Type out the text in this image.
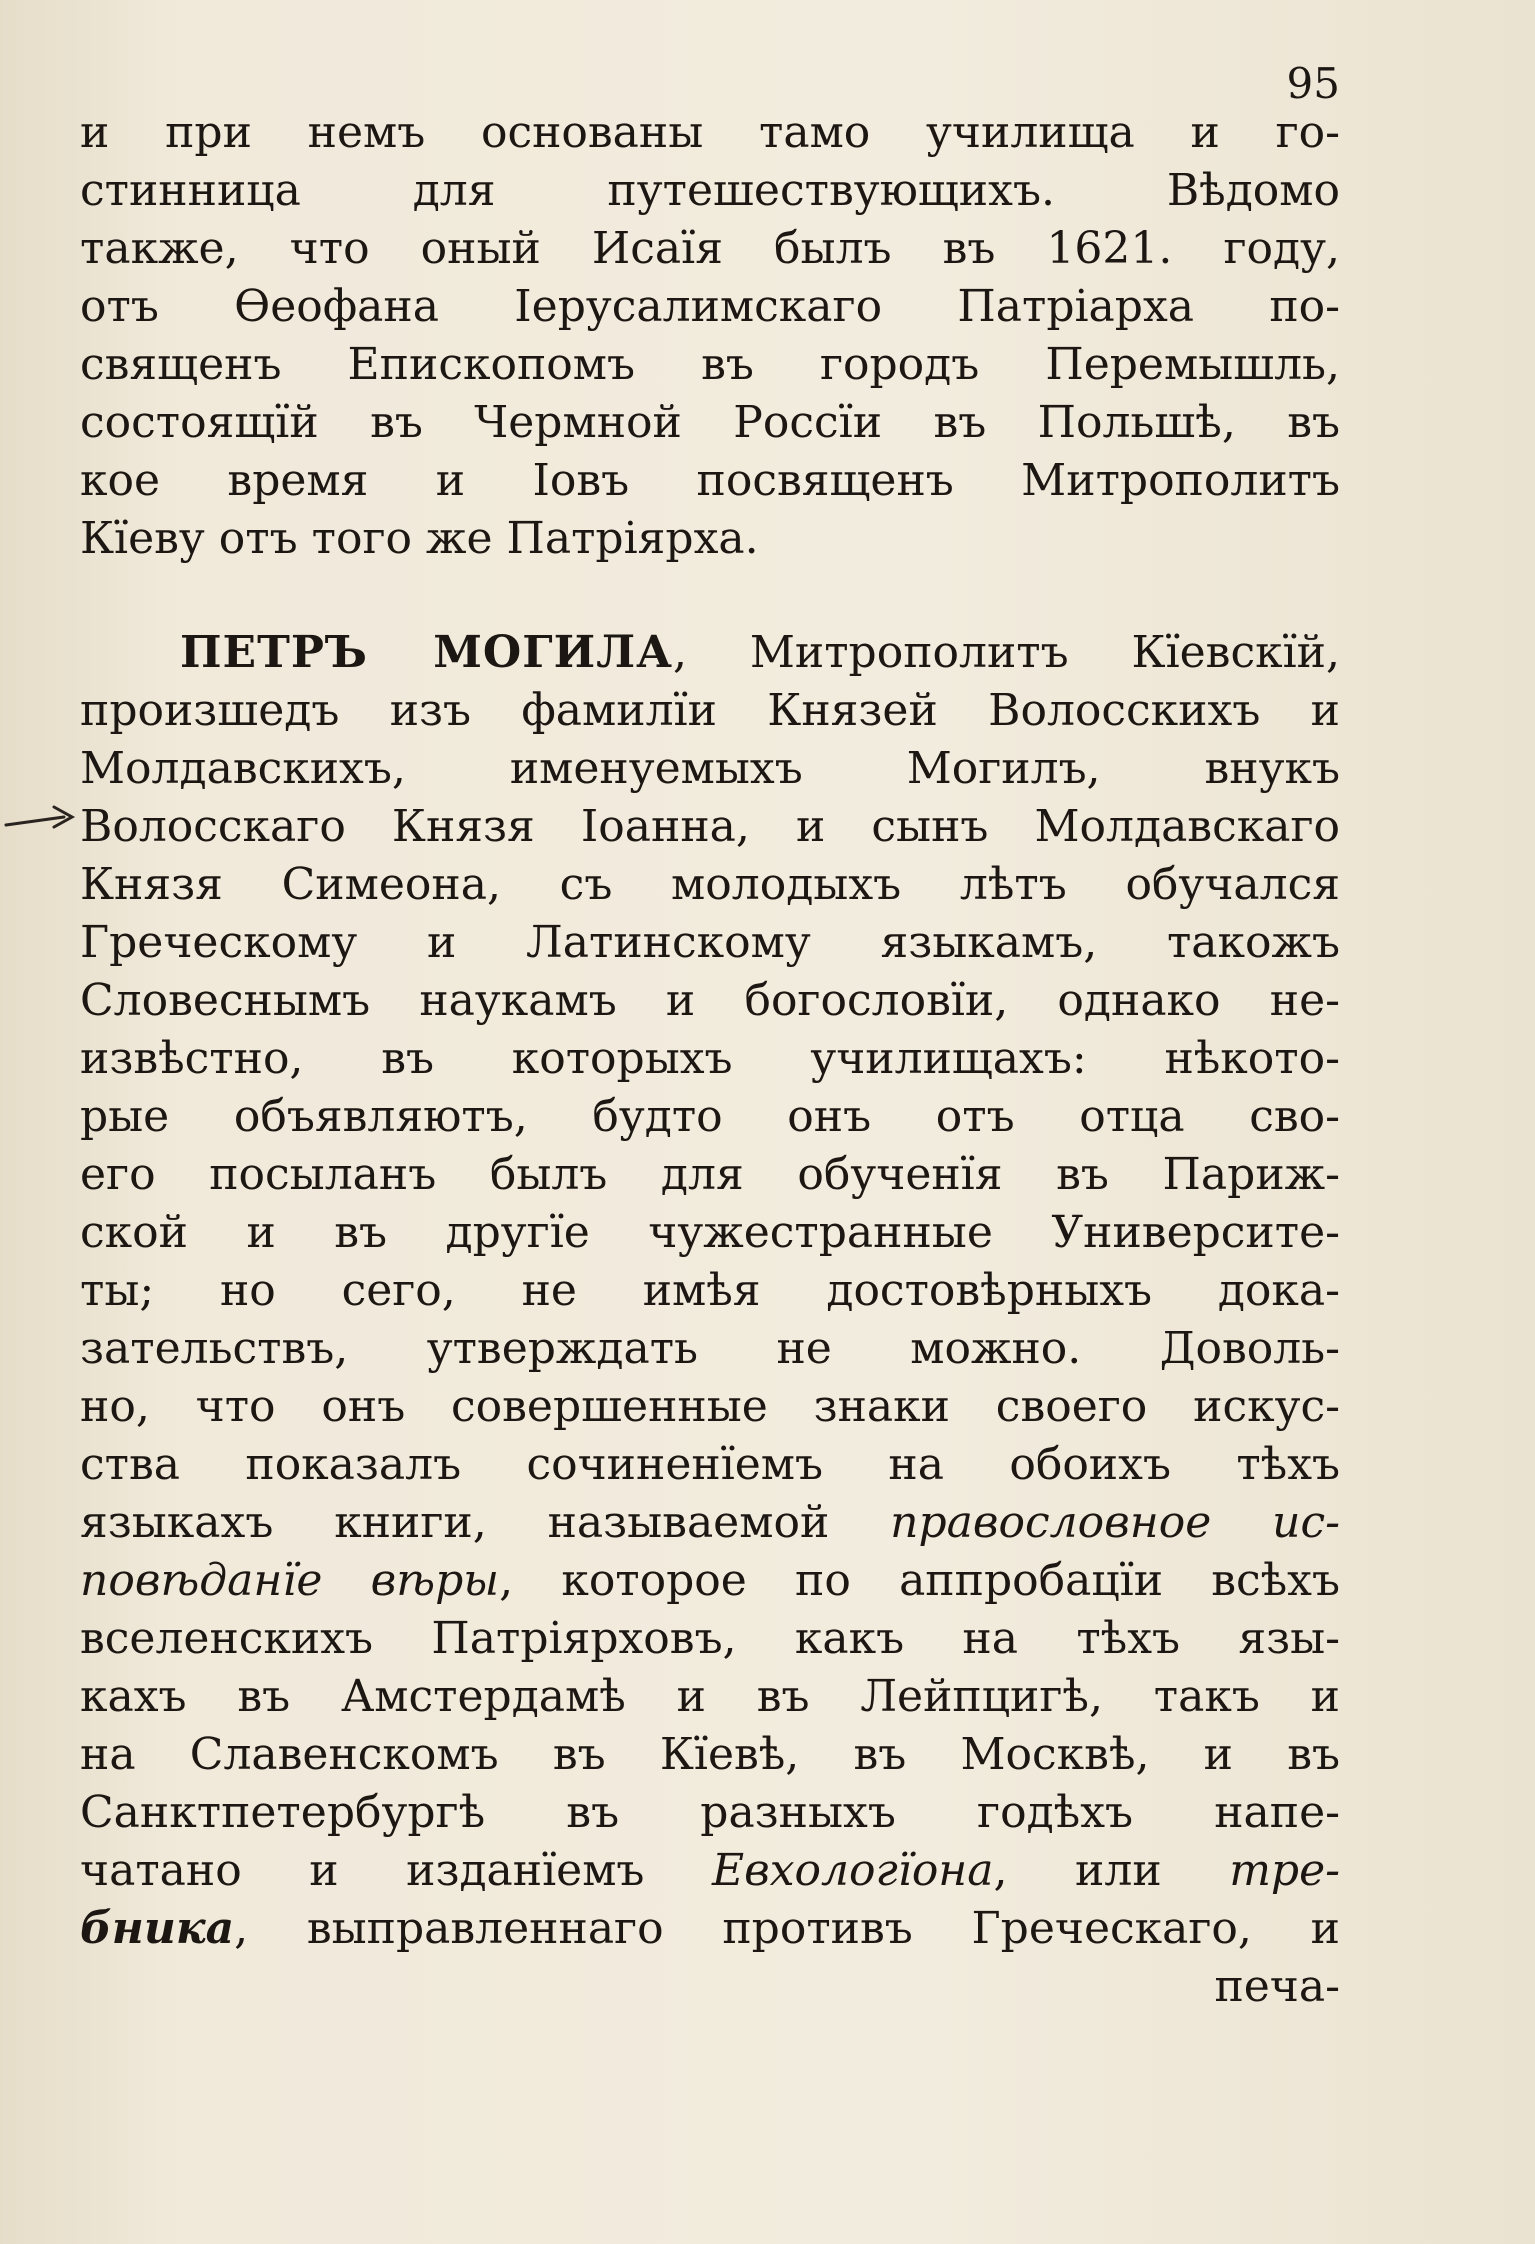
95
и при немъ основаны тамо училища и го-
стинница для путешествующихъ. Вѣдомо
также, что оный Исаїя былъ въ 1621. году,
отъ Ѳеофана Іерусалимскаго Патріарха по-
свящeнъ Епископомъ въ городъ Перемышль,
состоящїй въ Чермной Россїи въ Польшѣ, въ
кое время и Іовъ посвященъ Митрополитъ
Кїеву отъ того же Патріярха.
ПЕТРЪ МОГИЛА, Митрополитъ Кїевскїй,
произшедъ изъ фамилїи Князей Волосскихъ и
Молдавскихъ, именуемыхъ Могилъ, внукъ
Волосскаго Князя Іоанна, и сынъ Молдавскаго
Князя Симеона, съ молодыхъ лѣтъ обучался
Греческому и Латинскому языкамъ, такожъ
Словеснымъ наукамъ и богословїи, однако не-
извѣстно, въ которыхъ училищахъ: нѣкото-
рые объявляютъ, будто онъ отъ отца сво-
его посыланъ былъ для обученїя въ Париж-
ской и въ другїе чужестранные Университе-
ты; но сего, не имѣя достовѣрныхъ дока-
зательствъ, утверждать не можно. Доволь-
но, что онъ совершенные знаки своего искус-
ства показалъ сочиненїемъ на обоихъ тѣхъ
языкахъ книги, называемой правословное ис-
повѣданїе вѣры, которое по аппробацїи всѣхъ
вселенскихъ Патріярховъ, какъ на тѣхъ язы-
кахъ въ Амстердамѣ и въ Лейпцигѣ, такъ и
на Славенскомъ въ Кїевѣ, въ Москвѣ, и въ
Санктпетербургѣ въ разныхъ годѣхъ напе-
чатано и изданїемъ Евхологїона, или тре-
бника, выправленнаго противъ Греческаго, и
печа-
